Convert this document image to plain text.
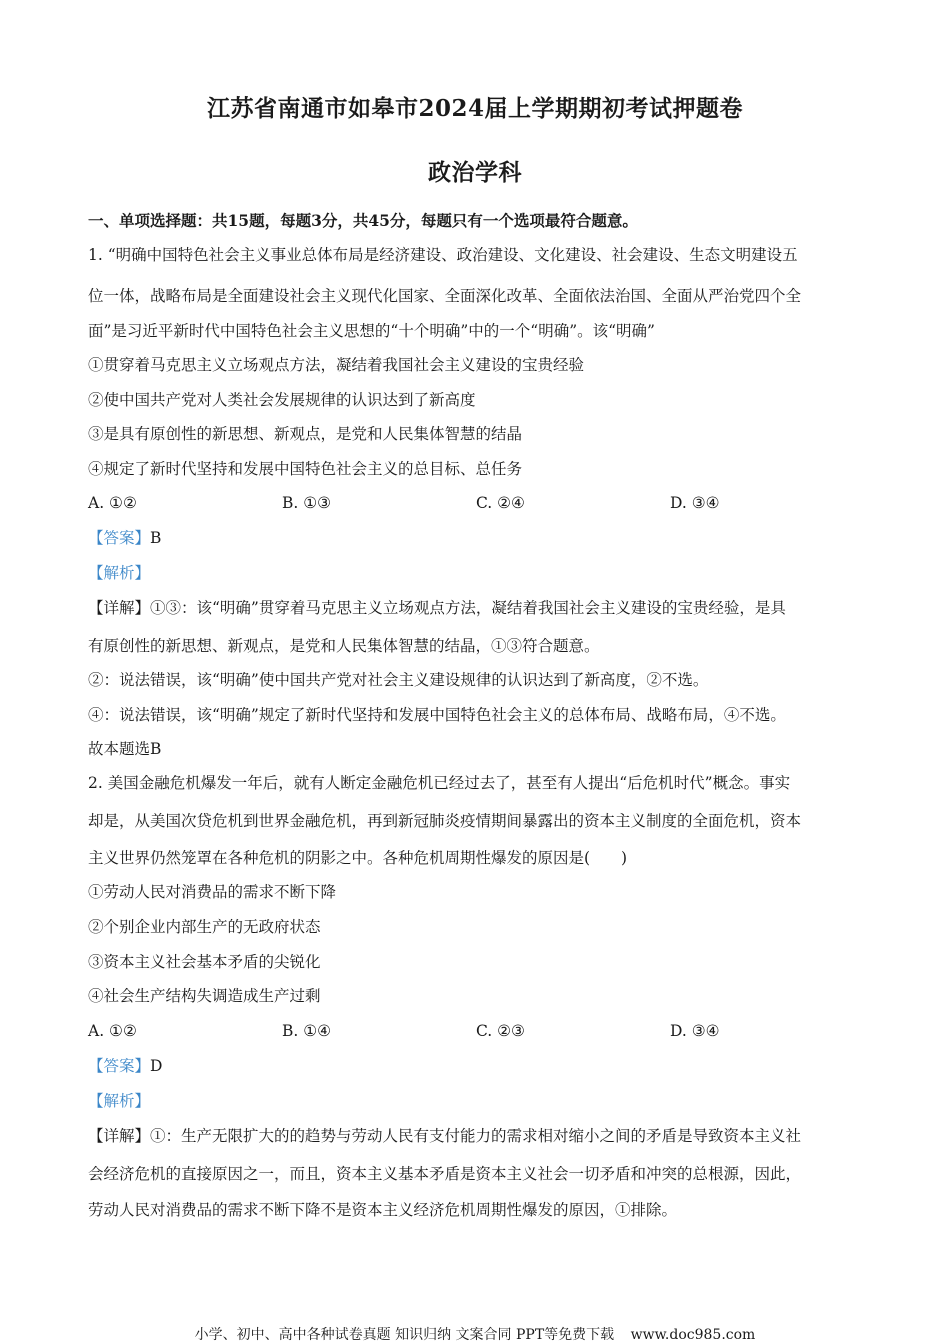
江苏省南通市如皋市2024届上学期期初考试押题卷
政治学科
一、单项选择题：共15题，每题3分，共45分，每题只有一个选项最符合题意。
1. “明确中国特色社会主义事业总体布局是经济建设、政治建设、文化建设、社会建设、生态文明建设五
位一体，战略布局是全面建设社会主义现代化国家、全面深化改革、全面依法治国、全面从严治党四个全
面”是习近平新时代中国特色社会主义思想的“十个明确”中的一个“明确”。该“明确”
①贯穿着马克思主义立场观点方法，凝结着我国社会主义建设的宝贵经验
②使中国共产党对人类社会发展规律的认识达到了新高度
③是具有原创性的新思想、新观点，是党和人民集体智慧的结晶
④规定了新时代坚持和发展中国特色社会主义的总目标、总任务
A. ①②	B. ①③	C. ②④	D. ③④
【答案】B
【解析】
【详解】①③：该“明确”贯穿着马克思主义立场观点方法，凝结着我国社会主义建设的宝贵经验，是具
有原创性的新思想、新观点，是党和人民集体智慧的结晶，①③符合题意。
②：说法错误，该“明确”使中国共产党对社会主义建设规律的认识达到了新高度，②不选。
④：说法错误，该“明确”规定了新时代坚持和发展中国特色社会主义的总体布局、战略布局，④不选。
故本题选B
2. 美国金融危机爆发一年后，就有人断定金融危机已经过去了，甚至有人提出“后危机时代”概念。事实
却是，从美国次贷危机到世界金融危机，再到新冠肺炎疫情期间暴露出的资本主义制度的全面危机，资本
主义世界仍然笼罩在各种危机的阴影之中。各种危机周期性爆发的原因是(　　)
①劳动人民对消费品的需求不断下降
②个别企业内部生产的无政府状态
③资本主义社会基本矛盾的尖锐化
④社会生产结构失调造成生产过剩
A. ①②	B. ①④	C. ②③	D. ③④
【答案】D
【解析】
【详解】①：生产无限扩大的的趋势与劳动人民有支付能力的需求相对缩小之间的矛盾是导致资本主义社
会经济危机的直接原因之一，而且，资本主义基本矛盾是资本主义社会一切矛盾和冲突的总根源，因此，
劳动人民对消费品的需求不断下降不是资本主义经济危机周期性爆发的原因，①排除。
小学、初中、高中各种试卷真题 知识归纳 文案合同 PPT等免费下载 www.doc985.com
